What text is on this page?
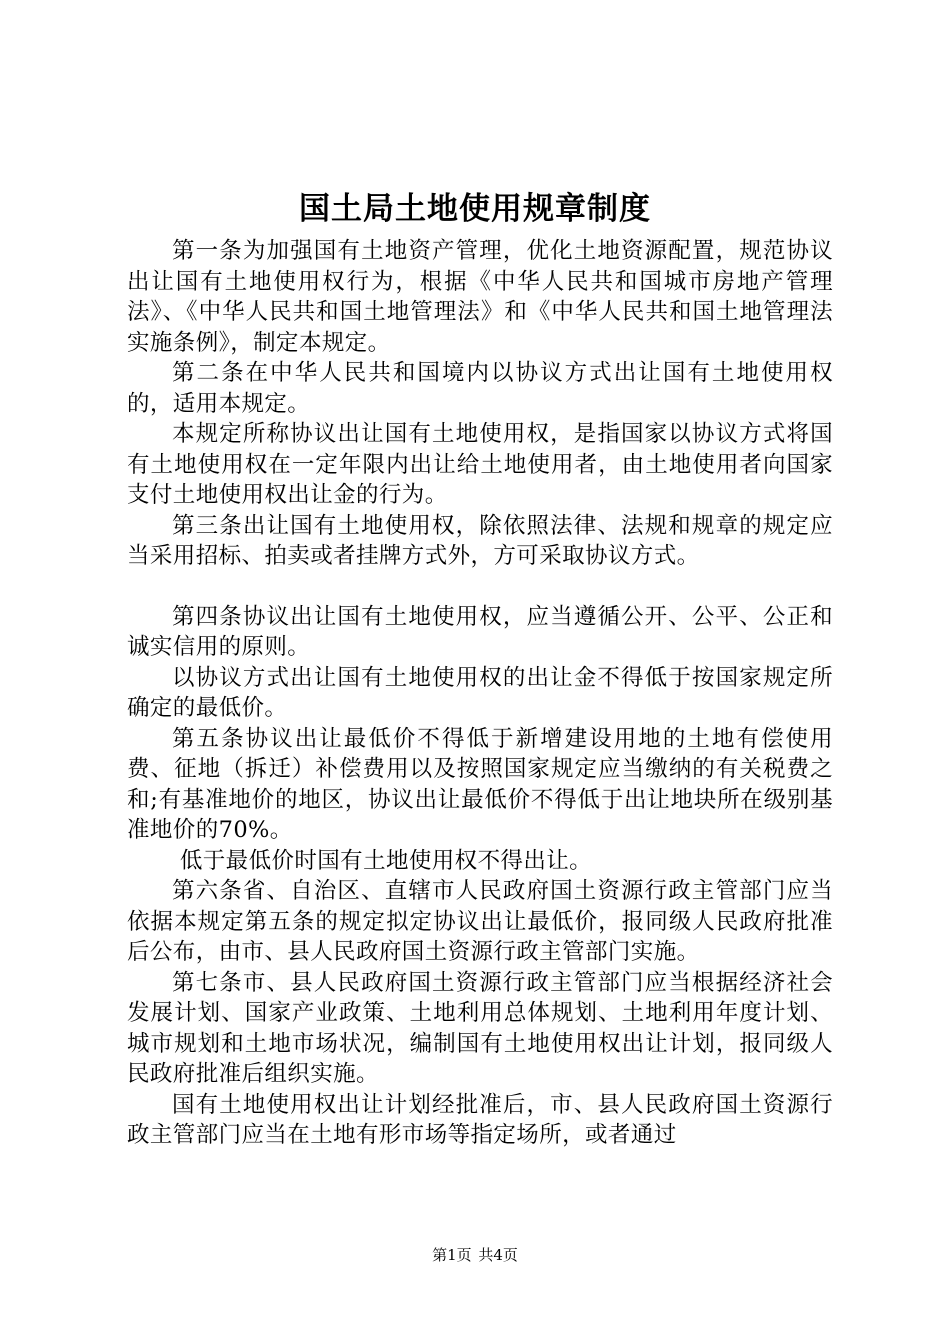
国土局土地使用规章制度

第一条为加强国有土地资产管理，优化土地资源配置，规范协议出让国有土地使用权行为，根据《中华人民共和国城市房地产管理法》、《中华人民共和国土地管理法》和《中华人民共和国土地管理法实施条例》，制定本规定。

第二条在中华人民共和国境内以协议方式出让国有土地使用权的，适用本规定。

本规定所称协议出让国有土地使用权，是指国家以协议方式将国有土地使用权在一定年限内出让给土地使用者，由土地使用者向国家支付土地使用权出让金的行为。

第三条出让国有土地使用权，除依照法律、法规和规章的规定应当采用招标、拍卖或者挂牌方式外，方可采取协议方式。

第四条协议出让国有土地使用权，应当遵循公开、公平、公正和诚实信用的原则。

以协议方式出让国有土地使用权的出让金不得低于按国家规定所确定的最低价。

第五条协议出让最低价不得低于新增建设用地的土地有偿使用费、征地（拆迁）补偿费用以及按照国家规定应当缴纳的有关税费之和;有基准地价的地区，协议出让最低价不得低于出让地块所在级别基准地价的70%。

低于最低价时国有土地使用权不得出让。

第六条省、自治区、直辖市人民政府国土资源行政主管部门应当依据本规定第五条的规定拟定协议出让最低价，报同级人民政府批准后公布，由市、县人民政府国土资源行政主管部门实施。

第七条市、县人民政府国土资源行政主管部门应当根据经济社会发展计划、国家产业政策、土地利用总体规划、土地利用年度计划、城市规划和土地市场状况，编制国有土地使用权出让计划，报同级人民政府批准后组织实施。

国有土地使用权出让计划经批准后，市、县人民政府国土资源行政主管部门应当在土地有形市场等指定场所，或者通过

第1页 共4页
